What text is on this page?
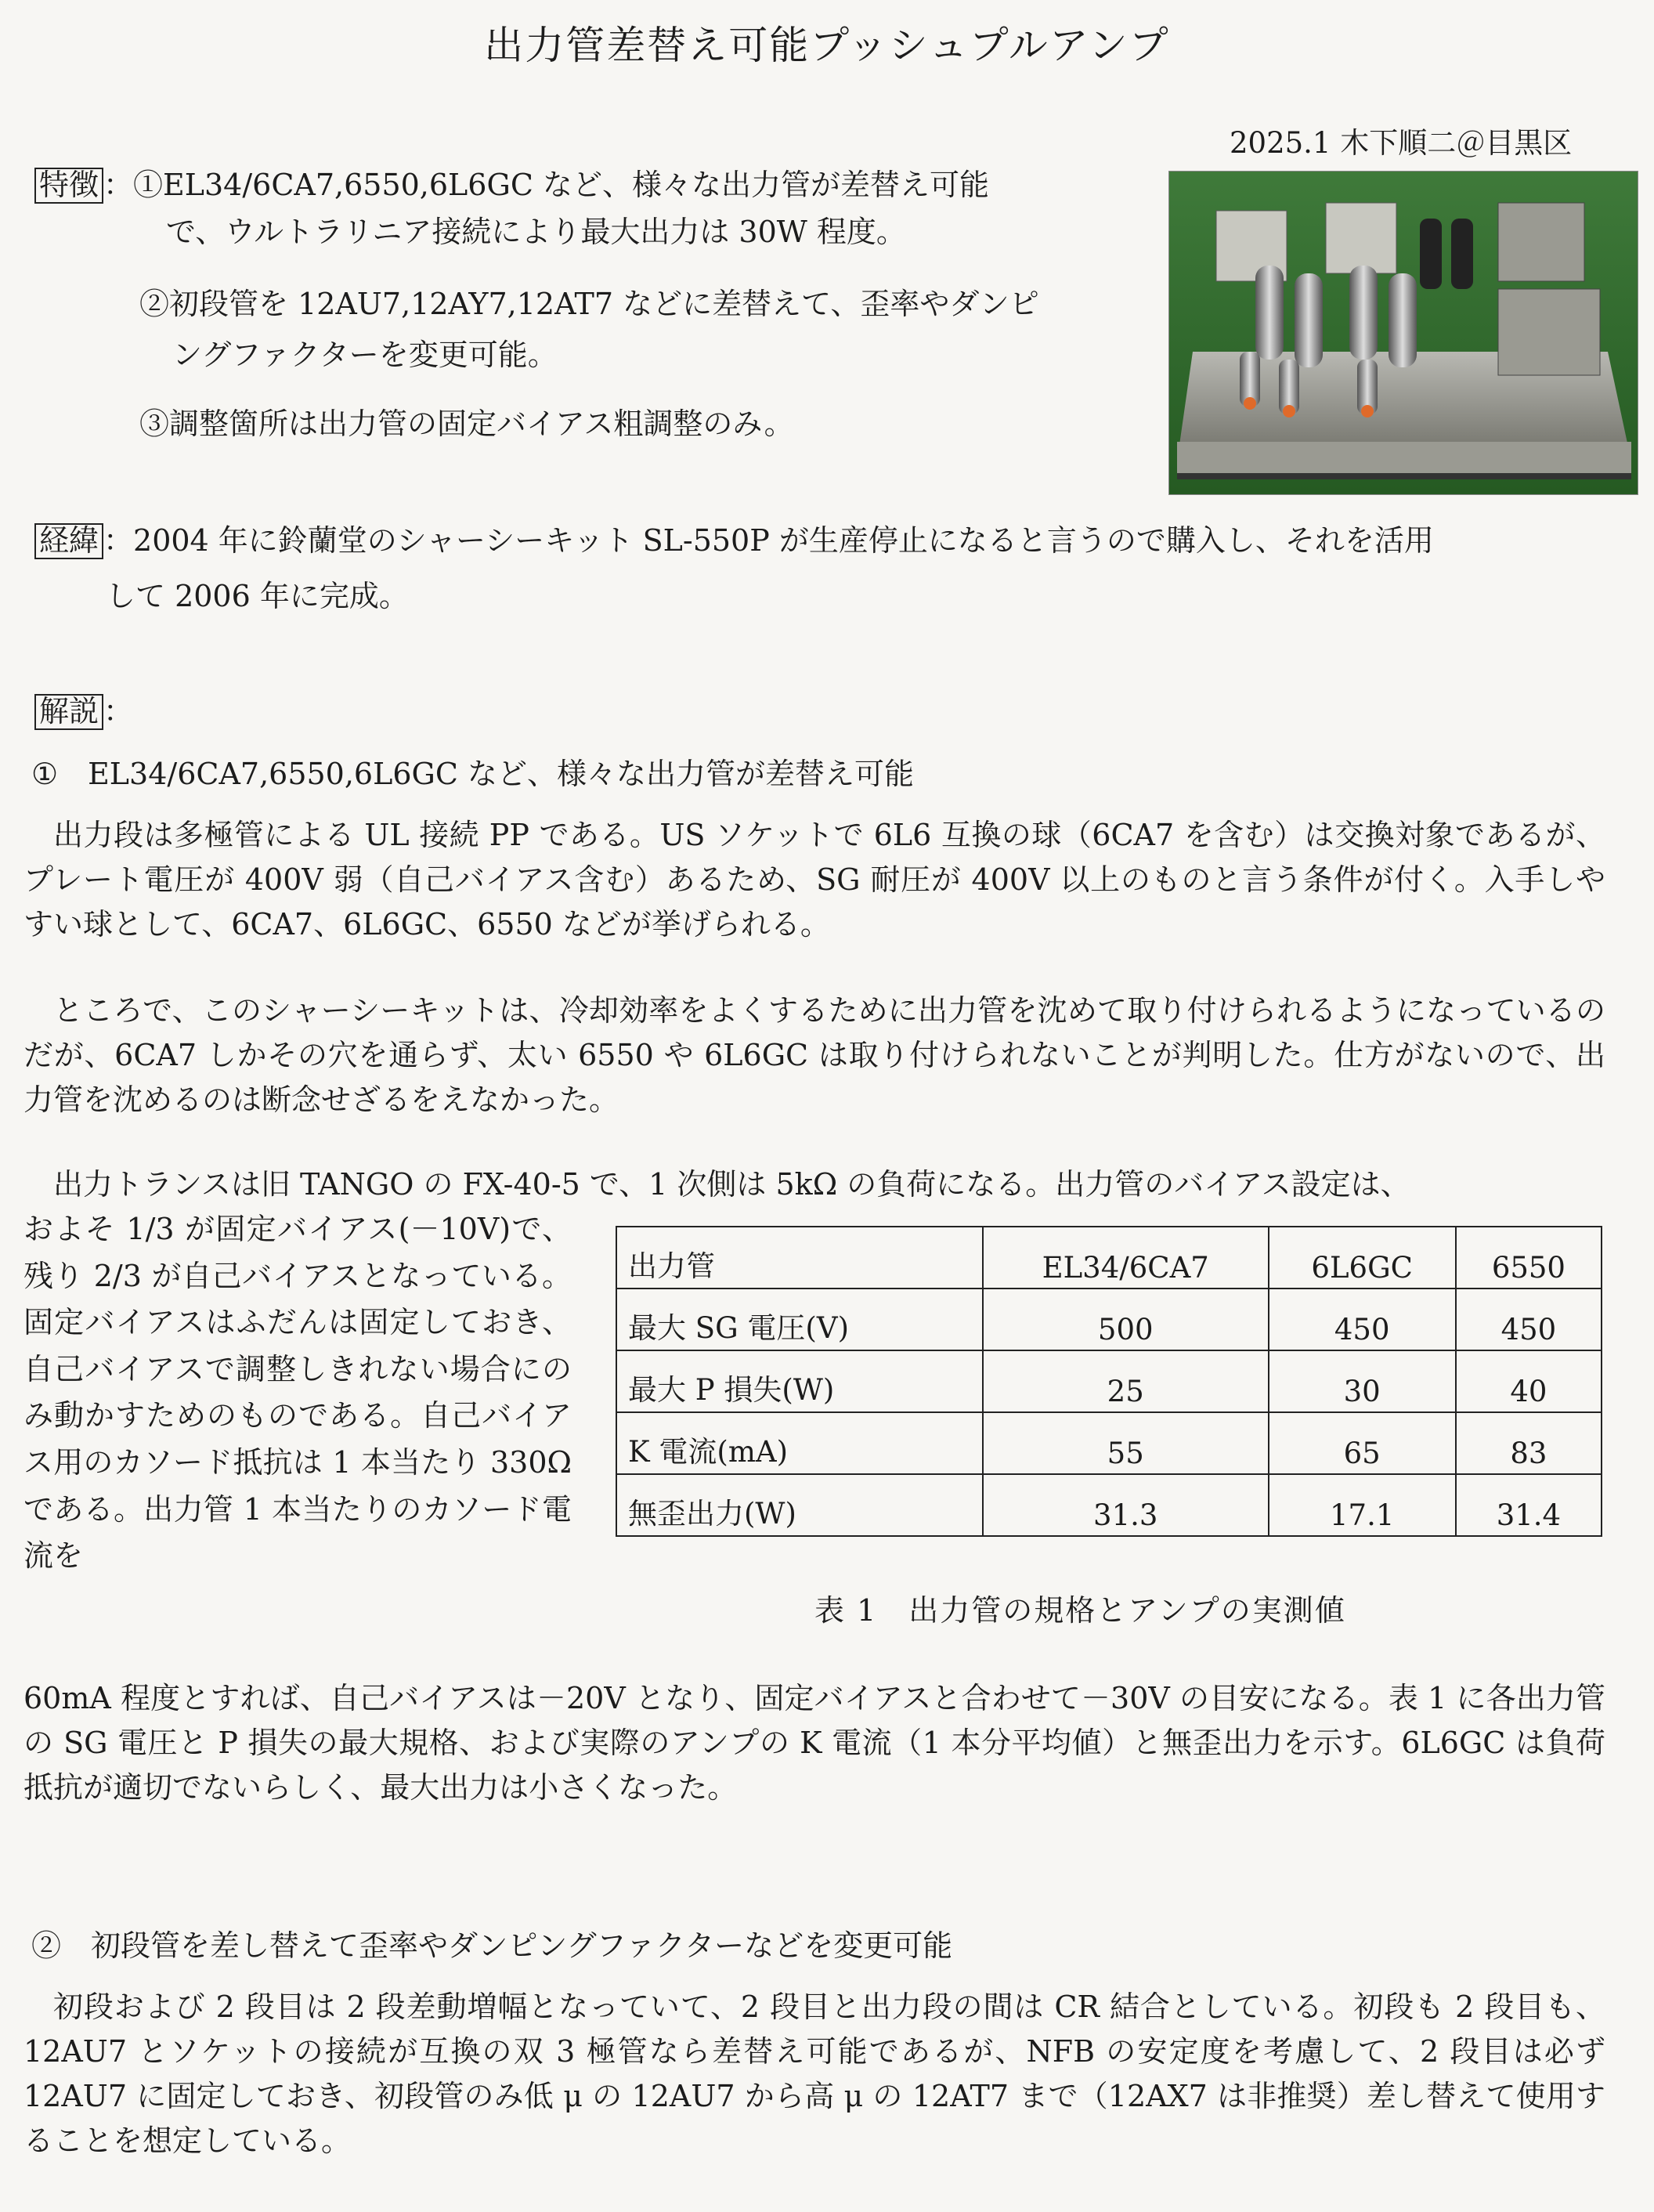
出力管差替え可能プッシュプルアンプ
2025.1 木下順二＠目黒区
特徴 ：①EL34/6CA7,6550,6L6GC など、様々な出力管が差替え可能
で、ウルトラリニア接続により最大出力は 30W 程度。
②初段管を 12AU7,12AY7,12AT7 などに差替えて、歪率やダンピ
ングファクターを変更可能。
③調整箇所は出力管の固定バイアス粗調整のみ。
経緯 ：2004 年に鈴蘭堂のシャーシーキット SL-550P が生産停止になると言うので購入し、それを活用
して 2006 年に完成。
解説 ：
①　EL34/6CA7,6550,6L6GC など、様々な出力管が差替え可能
出力段は多極管による UL 接続 PP である。US ソケットで 6L6 互換の球（6CA7 を含む）は交換対象であるが、プレート電圧が 400V 弱（自己バイアス含む）あるため、SG 耐圧が 400V 以上のものと言う条件が付く。入手しやすい球として、6CA7、6L6GC、6550 などが挙げられる。
ところで、このシャーシーキットは、冷却効率をよくするために出力管を沈めて取り付けられるようになっているのだが、6CA7 しかその穴を通らず、太い 6550 や 6L6GC は取り付けられないことが判明した。仕方がないので、出力管を沈めるのは断念せざるをえなかった。
出力トランスは旧 TANGO の FX-40-5 で、1 次側は 5kΩ の負荷になる。出力管のバイアス設定は、
およそ 1/3 が固定バイアス(－10V)で、残り 2/3 が自己バイアスとなっている。固定バイアスはふだんは固定しておき、自己バイアスで調整しきれない場合にのみ動かすためのものである。自己バイアス用のカソード抵抗は 1 本当たり 330Ω である。出力管 1 本当たりのカソード電流を
出力管	EL34/6CA7	6L6GC	6550
最大 SG 電圧(V)	500	450	450
最大 P 損失(W)	25	30	40
K 電流(mA)	55	65	83
無歪出力(W)	31.3	17.1	31.4
表 1　出力管の規格とアンプの実測値
60mA 程度とすれば、自己バイアスは－20V となり、固定バイアスと合わせて－30V の目安になる。表 1 に各出力管の SG 電圧と P 損失の最大規格、および実際のアンプの K 電流（1 本分平均値）と無歪出力を示す。6L6GC は負荷抵抗が適切でないらしく、最大出力は小さくなった。
②　初段管を差し替えて歪率やダンピングファクターなどを変更可能
初段および 2 段目は 2 段差動増幅となっていて、2 段目と出力段の間は CR 結合としている。初段も 2 段目も、12AU7 とソケットの接続が互換の双 3 極管なら差替え可能であるが、NFB の安定度を考慮して、2 段目は必ず 12AU7 に固定しておき、初段管のみ低 μ の 12AU7 から高 μ の 12AT7 まで（12AX7 は非推奨）差し替えて使用することを想定している。
